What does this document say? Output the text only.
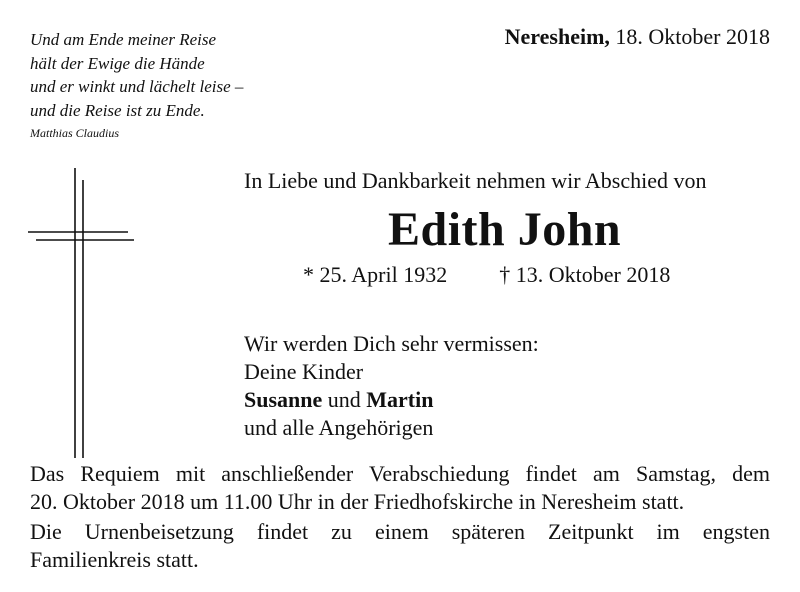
Und am Ende meiner Reise
hält der Ewige die Hände
und er winkt und lächelt leise –
und die Reise ist zu Ende.
Matthias Claudius
Neresheim, 18. Oktober 2018
In Liebe und Dankbarkeit nehmen wir Abschied von
Edith John
* 25. April 1932 † 13. Oktober 2018
Wir werden Dich sehr vermissen:
Deine Kinder
Susanne und Martin
und alle Angehörigen

Das Requiem mit anschließender Verabschiedung findet am Samstag, dem

20. Oktober 2018 um 11.00 Uhr in der Friedhofskirche in Neresheim statt.

Die Urnenbeisetzung findet zu einem späteren Zeitpunkt im engsten

Familienkreis statt.
